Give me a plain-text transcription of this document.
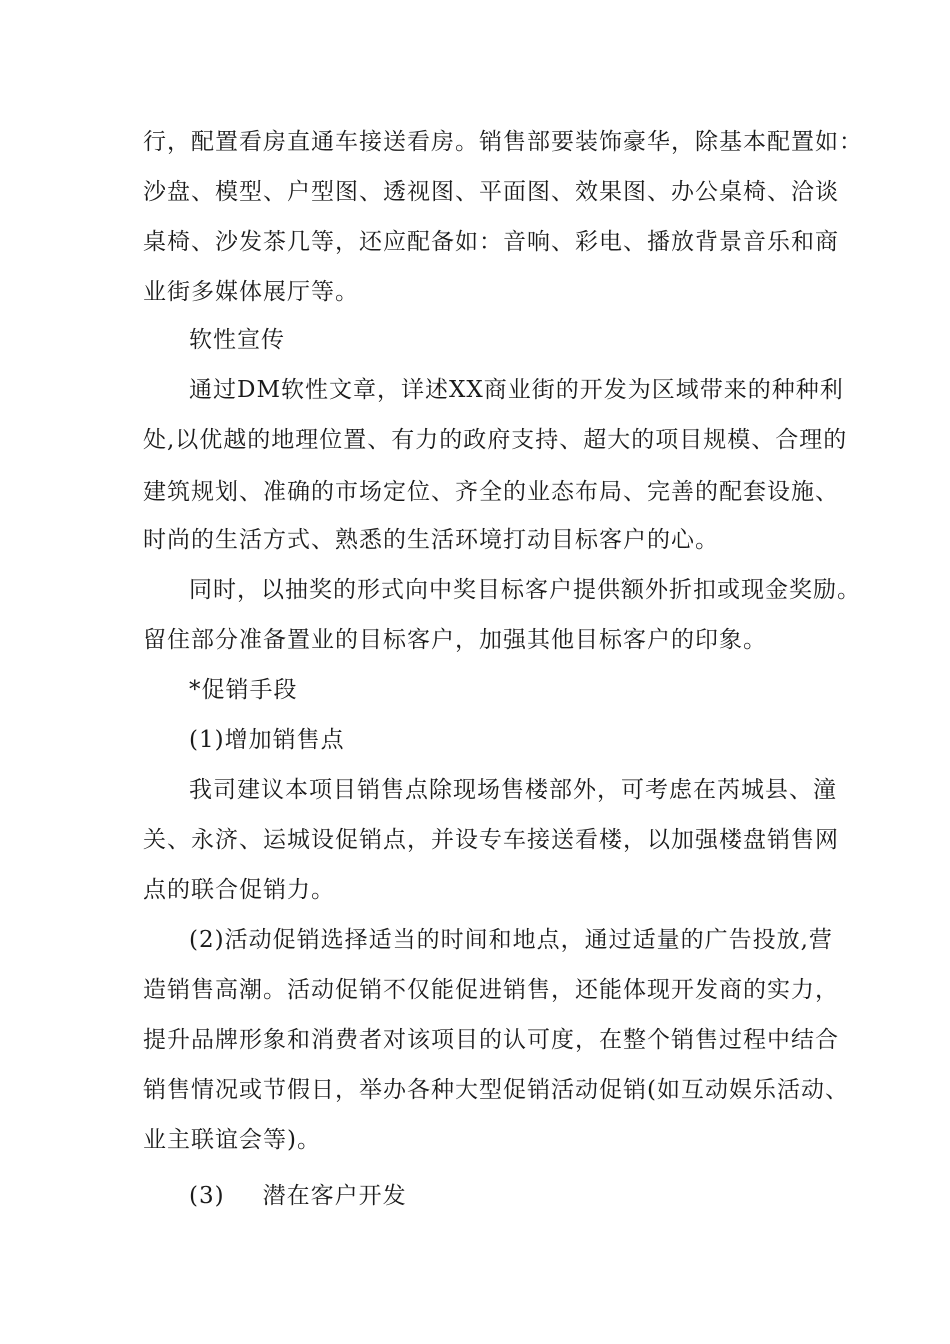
行，配置看房直通车接送看房。销售部要装饰豪华，除基本配置如：
沙盘、模型、户型图、透视图、平面图、效果图、办公桌椅、洽谈
桌椅、沙发茶几等，还应配备如：音响、彩电、播放背景音乐和商
业街多媒体展厅等。
软性宣传
通过DM软性文章，详述XX商业街的开发为区域带来的种种利
处,以优越的地理位置、有力的政府支持、超大的项目规模、合理的
建筑规划、准确的市场定位、齐全的业态布局、完善的配套设施、
时尚的生活方式、熟悉的生活环境打动目标客户的心。
同时，以抽奖的形式向中奖目标客户提供额外折扣或现金奖励。
留住部分准备置业的目标客户，加强其他目标客户的印象。
*促销手段
(1)增加销售点
我司建议本项目销售点除现场售楼部外，可考虑在芮城县、潼
关、永济、运城设促销点，并设专车接送看楼，以加强楼盘销售网
点的联合促销力。
(2)活动促销选择适当的时间和地点，通过适量的广告投放,营
造销售高潮。活动促销不仅能促进销售，还能体现开发商的实力，
提升品牌形象和消费者对该项目的认可度，在整个销售过程中结合
销售情况或节假日，举办各种大型促销活动促销(如互动娱乐活动、
业主联谊会等)。
(3) 潜在客户开发
